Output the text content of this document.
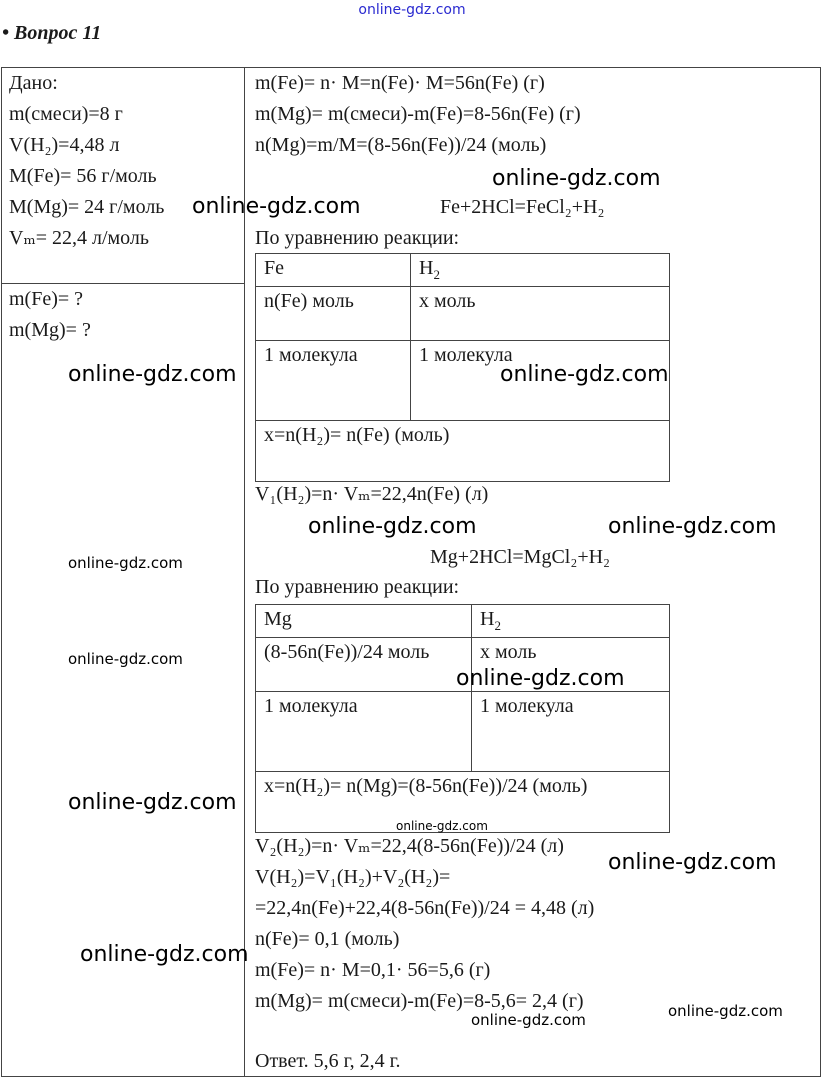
online-gdz.com
• Вопрос 11
Дано:
m(смеси)=8 г
V(H₂)=4,48 л
M(Fe)= 56 г/моль
M(Mg)= 24 г/моль
Vₘ= 22,4 л/моль
m(Fe)= ?
m(Mg)= ?
m(Fe)= n· M=n(Fe)· M=56n(Fe) (г)
m(Mg)= m(смеси)-m(Fe)=8-56n(Fe) (г)
n(Mg)=m/M=(8-56n(Fe))/24 (моль)
Fe+2HCl=FeCl₂+H₂
По уравнению реакции:
Fe	$H_2$
n(Fe) моль	x моль
1 молекула	1 молекула
x=n(H₂)= n(Fe) (моль)	
V₁(H₂)=n· Vₘ=22,4n(Fe) (л)
Mg+2HCl=MgCl₂+H₂
По уравнению реакции:
Mg	$H_2$
(8-56n(Fe))/24 моль	x моль
1 молекула	1 молекула
x=n(H₂)= n(Mg)=(8-56n(Fe))/24 (моль)	
V₂(H₂)=n· Vₘ=22,4(8-56n(Fe))/24 (л)
V(H₂)=V₁(H₂)+V₂(H₂)=
=22,4n(Fe)+22,4(8-56n(Fe))/24 = 4,48 (л)
n(Fe)= 0,1 (моль)
m(Fe)= n· M=0,1· 56=5,6 (г)
m(Mg)= m(смеси)-m(Fe)=8-5,6= 2,4 (г)
Ответ. 5,6 г, 2,4 г.
online-gdz.com
online-gdz.com
online-gdz.com	online-gdz.com
online-gdz.com	online-gdz.com
online-gdz.com
online-gdz.com
online-gdz.com
online-gdz.com
online-gdz.com
online-gdz.com
online-gdz.com
online-gdz.com	online-gdz.com
